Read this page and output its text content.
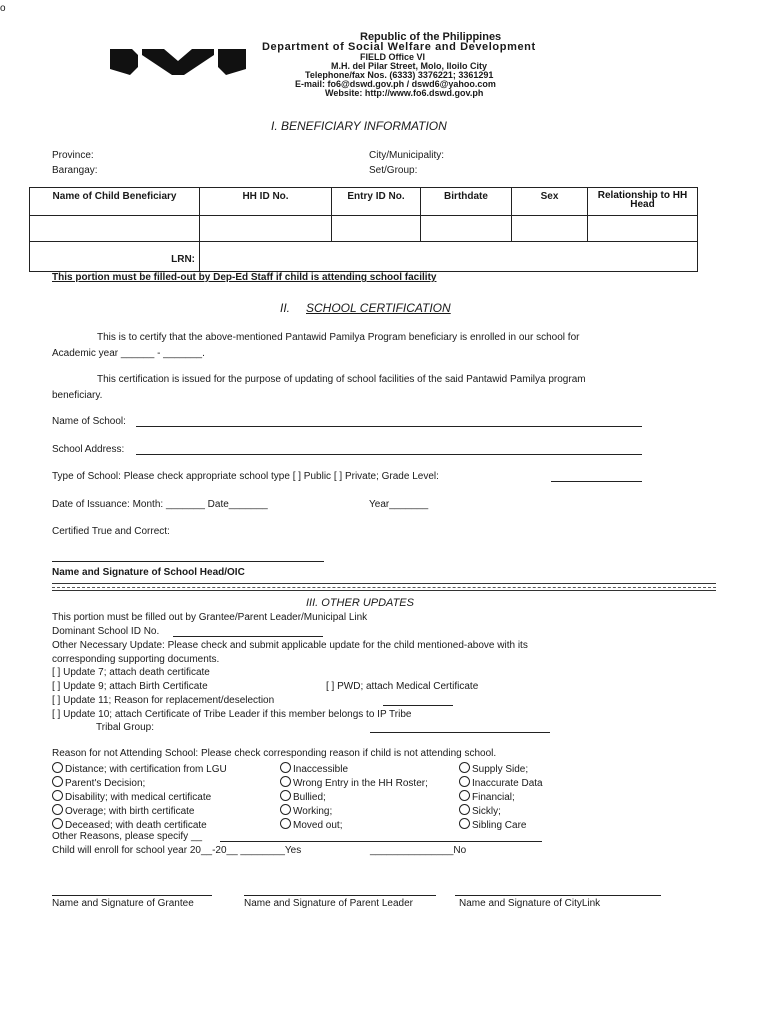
o
Republic of the Philippines
Department of Social Welfare and Development
FIELD Office VI
M.H. del Pilar Street, Molo, Iloilo City
Telephone/fax Nos. (6333) 3376221; 3361291
E-mail: fo6@dswd.gov.ph / dswd6@yahoo.com
Website: http://www.fo6.dswd.gov.ph
I. BENEFICIARY INFORMATION
Province:
Barangay:
City/Municipality:
Set/Group:
Name of Child Beneficiary	HH ID No.	Entry ID No.	Birthdate	Sex	Relationship to HH Head

LRN:					
This portion must be filled-out by Dep-Ed Staff if child is attending school facility
II. SCHOOL CERTIFICATION
This is to certify that the above-mentioned Pantawid Pamilya Program beneficiary is enrolled in our school for
Academic year ______ - _______.
This certification is issued for the purpose of updating of school facilities of the said Pantawid Pamilya program
beneficiary.
Name of School:
School Address:
Type of School: Please check appropriate school type [ ] Public [ ] Private; Grade Level:
Date of Issuance: Month: _______ Date_______	Year_______
Certified True and Correct:
Name and Signature of School Head/OIC
III. OTHER UPDATES
This portion must be filled out by Grantee/Parent Leader/Municipal Link
Dominant School ID No.
Other Necessary Update: Please check and submit applicable update for the child mentioned-above with its
corresponding supporting documents.
[ ] Update 7; attach death certificate
[ ] Update 9; attach Birth Certificate	[ ] PWD; attach Medical Certificate
[ ] Update 11; Reason for replacement/deselection
[ ] Update 10; attach Certificate of Tribe Leader if this member belongs to IP Tribe
Tribal Group:
Reason for not Attending School: Please check corresponding reason if child is not attending school.
Distance; with certification from LGU
Parent's Decision;
Disability; with medical certificate
Overage; with birth certificate
Deceased; with death certificate
Inaccessible
Wrong Entry in the HH Roster;
Bullied;
Working;
Moved out;
Supply Side;
Inaccurate Data
Financial;
Sickly;
Sibling Care
Other Reasons, please specify __
Child will enroll for school year 20__-20__ ________Yes	_______________No
Name and Signature of Grantee	Name and Signature of Parent Leader	Name and Signature of CityLink
